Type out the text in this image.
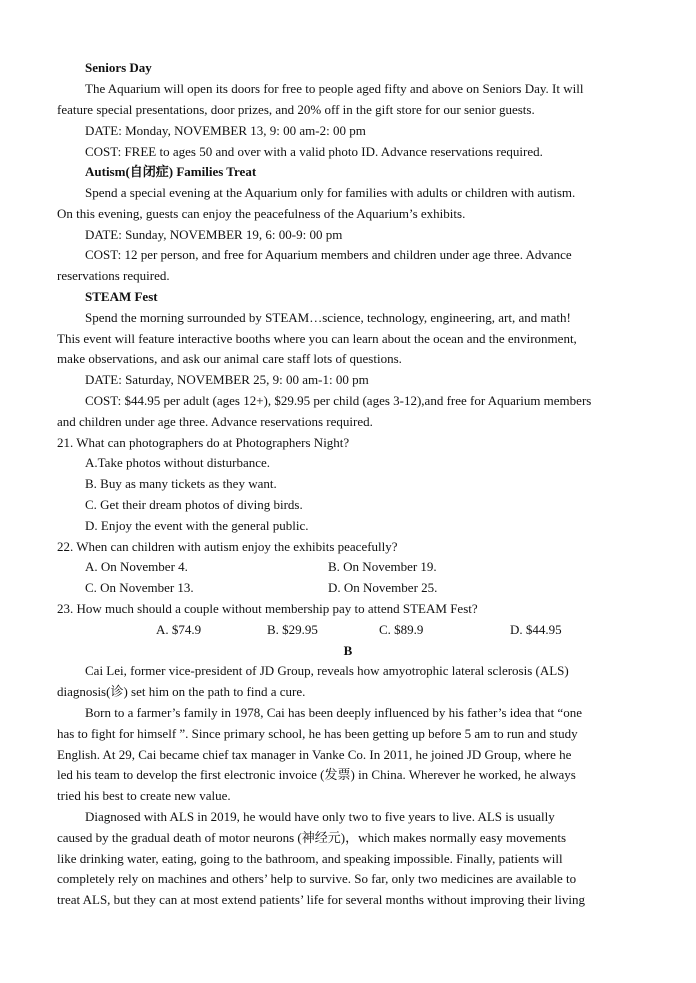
Seniors Day
The Aquarium will open its doors for free to people aged fifty and above on Seniors Day. It will
feature special presentations, door prizes, and 20% off in the gift store for our senior guests.
DATE: Monday, NOVEMBER 13, 9: 00 am-2: 00 pm
COST: FREE to ages 50 and over with a valid photo ID. Advance reservations required.
Autism(自闭症) Families Treat
Spend a special evening at the Aquarium only for families with adults or children with autism.
On this evening, guests can enjoy the peacefulness of the Aquarium’s exhibits.
DATE: Sunday, NOVEMBER 19, 6: 00-9: 00 pm
COST: 12 per person, and free for Aquarium members and children under age three. Advance
reservations required.
STEAM Fest
Spend the morning surrounded by STEAM…science, technology, engineering, art, and math!
This event will feature interactive booths where you can learn about the ocean and the environment,
make observations, and ask our animal care staff lots of questions.
DATE: Saturday, NOVEMBER 25, 9: 00 am-1: 00 pm
COST: $44.95 per adult (ages 12+), $29.95 per child (ages 3-12),and free for Aquarium members
and children under age three. Advance reservations required.
21. What can photographers do at Photographers Night?
A.Take photos without disturbance.
B. Buy as many tickets as they want.
C. Get their dream photos of diving birds.
D. Enjoy the event with the general public.
22. When can children with autism enjoy the exhibits peacefully?
A. On November 4.	B. On November 19.
C. On November 13.	D. On November 25.
23. How much should a couple without membership pay to attend STEAM Fest?
A. $74.9	B. $29.95	C. $89.9	D. $44.95
B
Cai Lei, former vice-president of JD Group, reveals how amyotrophic lateral sclerosis (ALS)
diagnosis(诊) set him on the path to find a cure.
Born to a farmer’s family in 1978, Cai has been deeply influenced by his father’s idea that “one
has to fight for himself ”. Since primary school, he has been getting up before 5 am to run and study
English. At 29, Cai became chief tax manager in Vanke Co. In 2011, he joined JD Group, where he
led his team to develop the first electronic invoice (发票) in China. Wherever he worked, he always
tried his best to create new value.
Diagnosed with ALS in 2019, he would have only two to five years to live. ALS is usually
caused by the gradual death of motor neurons (神经元)，which makes normally easy movements
like drinking water, eating, going to the bathroom, and speaking impossible. Finally, patients will
completely rely on machines and others’ help to survive. So far, only two medicines are available to
treat ALS, but they can at most extend patients’ life for several months without improving their living
